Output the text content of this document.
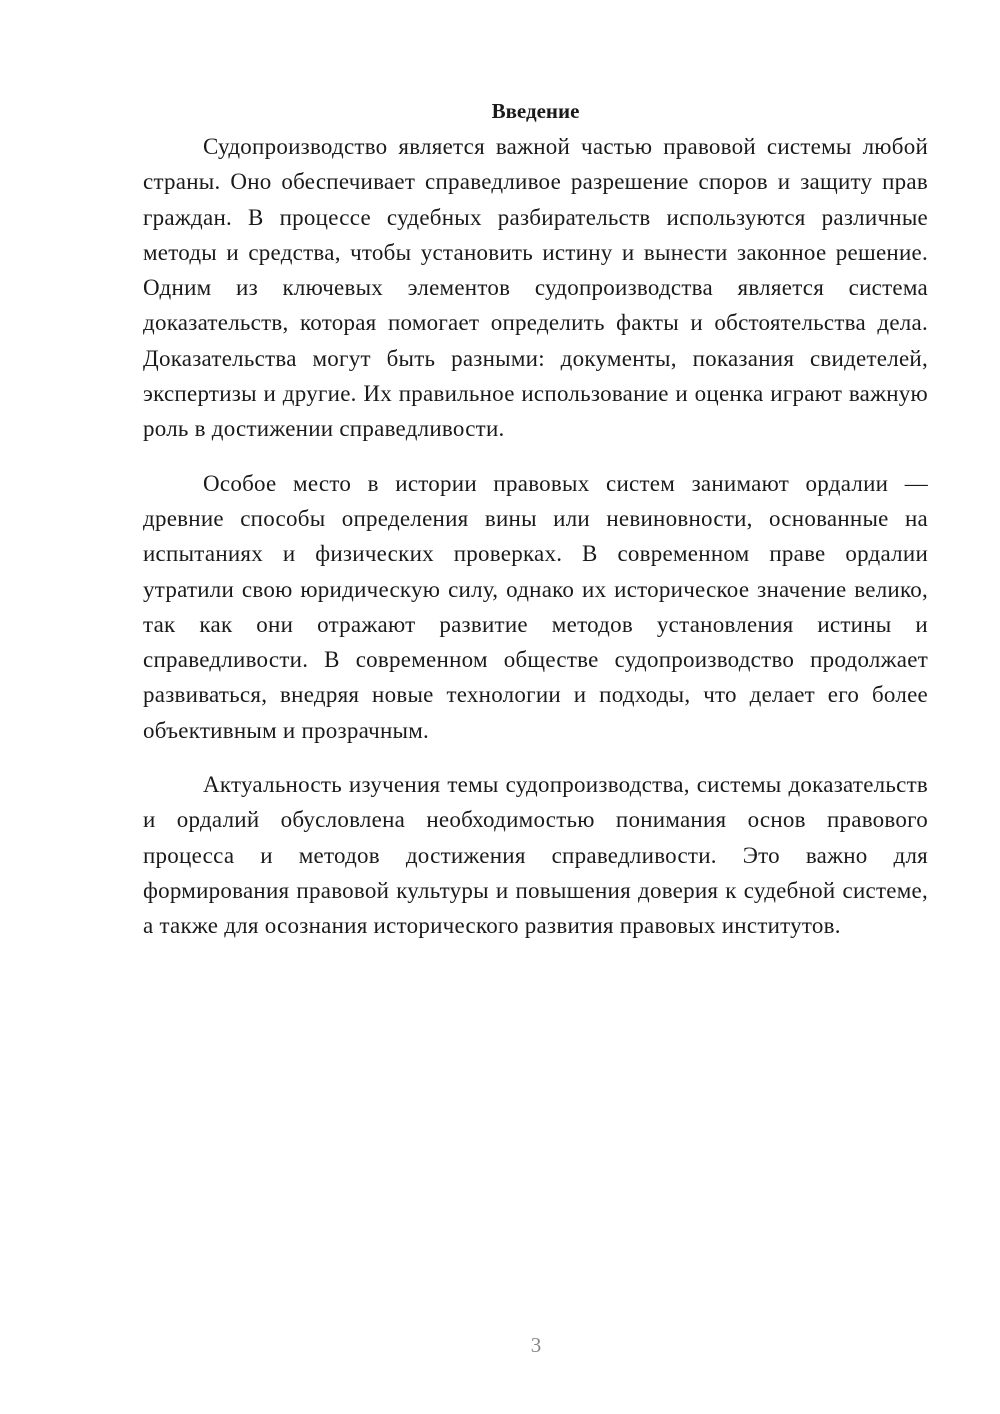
Введение

Судопроизводство является важной частью правовой системы любой страны. Оно обеспечивает справедливое разрешение споров и защиту прав граждан. В процессе судебных разбирательств используются различные методы и средства, чтобы установить истину и вынести законное решение. Одним из ключевых элементов судопроизводства является система доказательств, которая помогает определить факты и обстоятельства дела. Доказательства могут быть разными: документы, показания свидетелей, экспертизы и другие. Их правильное использование и оценка играют важную роль в достижении справедливости.

Особое место в истории правовых систем занимают ордалии — древние способы определения вины или невиновности, основанные на испытаниях и физических проверках. В современном праве ордалии утратили свою юридическую силу, однако их историческое значение велико, так как они отражают развитие методов установления истины и справедливости. В современном обществе судопроизводство продолжает развиваться, внедряя новые технологии и подходы, что делает его более объективным и прозрачным.

Актуальность изучения темы судопроизводства, системы доказательств и ордалий обусловлена необходимостью понимания основ правового процесса и методов достижения справедливости. Это важно для формирования правовой культуры и повышения доверия к судебной системе, а также для осознания исторического развития правовых институтов.

3
